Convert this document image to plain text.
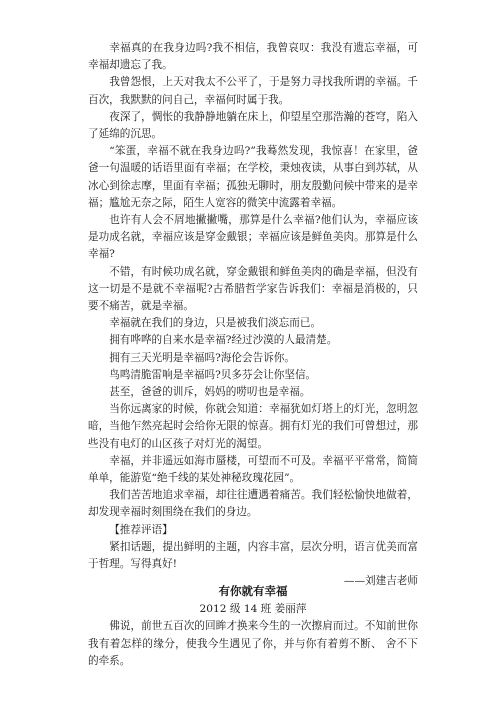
幸福真的在我身边吗?我不相信，我曾哀叹：我没有遗忘幸福，可幸福却遗忘了我。

我曾怨恨，上天对我太不公平了，于是努力寻找我所谓的幸福。千百次，我默默的问自己，幸福何时属于我。

夜深了，惆怅的我静静地躺在床上，仰望星空那浩瀚的苍穹，陷入了延绵的沉思。

“笨蛋，幸福不就在我身边吗?”我蓦然发现，我惊喜！在家里，爸爸一句温暖的话语里面有幸福；在学校，秉烛夜读，从事白到苏轼，从冰心到徐志摩，里面有幸福；孤独无聊时，朋友殷勤问候中带来的是幸福；尴尬无奈之际，陌生人宽容的微笑中流露着幸福。

也许有人会不屑地撇撇嘴，那算是什么幸福?他们认为，幸福应该是功成名就，幸福应该是穿金戴银；幸福应该是鲜鱼美肉。那算是什么幸福?

不错，有时候功成名就，穿金戴银和鲜鱼美肉的确是幸福，但没有这一切是不是就不幸福呢?古希腊哲学家告诉我们：幸福是消极的，只要不痛苦，就是幸福。

幸福就在我们的身边，只是被我们淡忘而已。

拥有哗哗的自来水是幸福?经过沙漠的人最清楚。

拥有三天光明是幸福吗?海伦会告诉你。

鸟鸣清脆雷响是幸福吗?贝多芬会让你坚信。

甚至，爸爸的训斥，妈妈的唠叨也是幸福。

当你远离家的时候，你就会知道：幸福犹如灯塔上的灯光，忽明忽暗，当他乍然亮起时会给你无限的惊喜。拥有灯光的我们可曾想过，那些没有电灯的山区孩子对灯光的渴望。

幸福，并非遥远如海市蜃楼，可望而不可及。幸福平平常常，简简单单，能游览“绝千线的某处神秘玫瑰花园”。

我们苦苦地追求幸福，却往往遭遇着痛苦。我们轻松愉快地做着，却发现幸福时刻围绕在我们的身边。

【推荐评语】

紧扣话题，提出鲜明的主题，内容丰富，层次分明，语言优美而富于哲理。写得真好!

——刘建吉老师

有你就有幸福
2012 级 14 班 姜丽萍

佛说，前世五百次的回眸才换来今生的一次擦肩而过。不知前世你我有着怎样的缘分，使我今生遇见了你，并与你有着剪不断、 舍不下的牵系。
